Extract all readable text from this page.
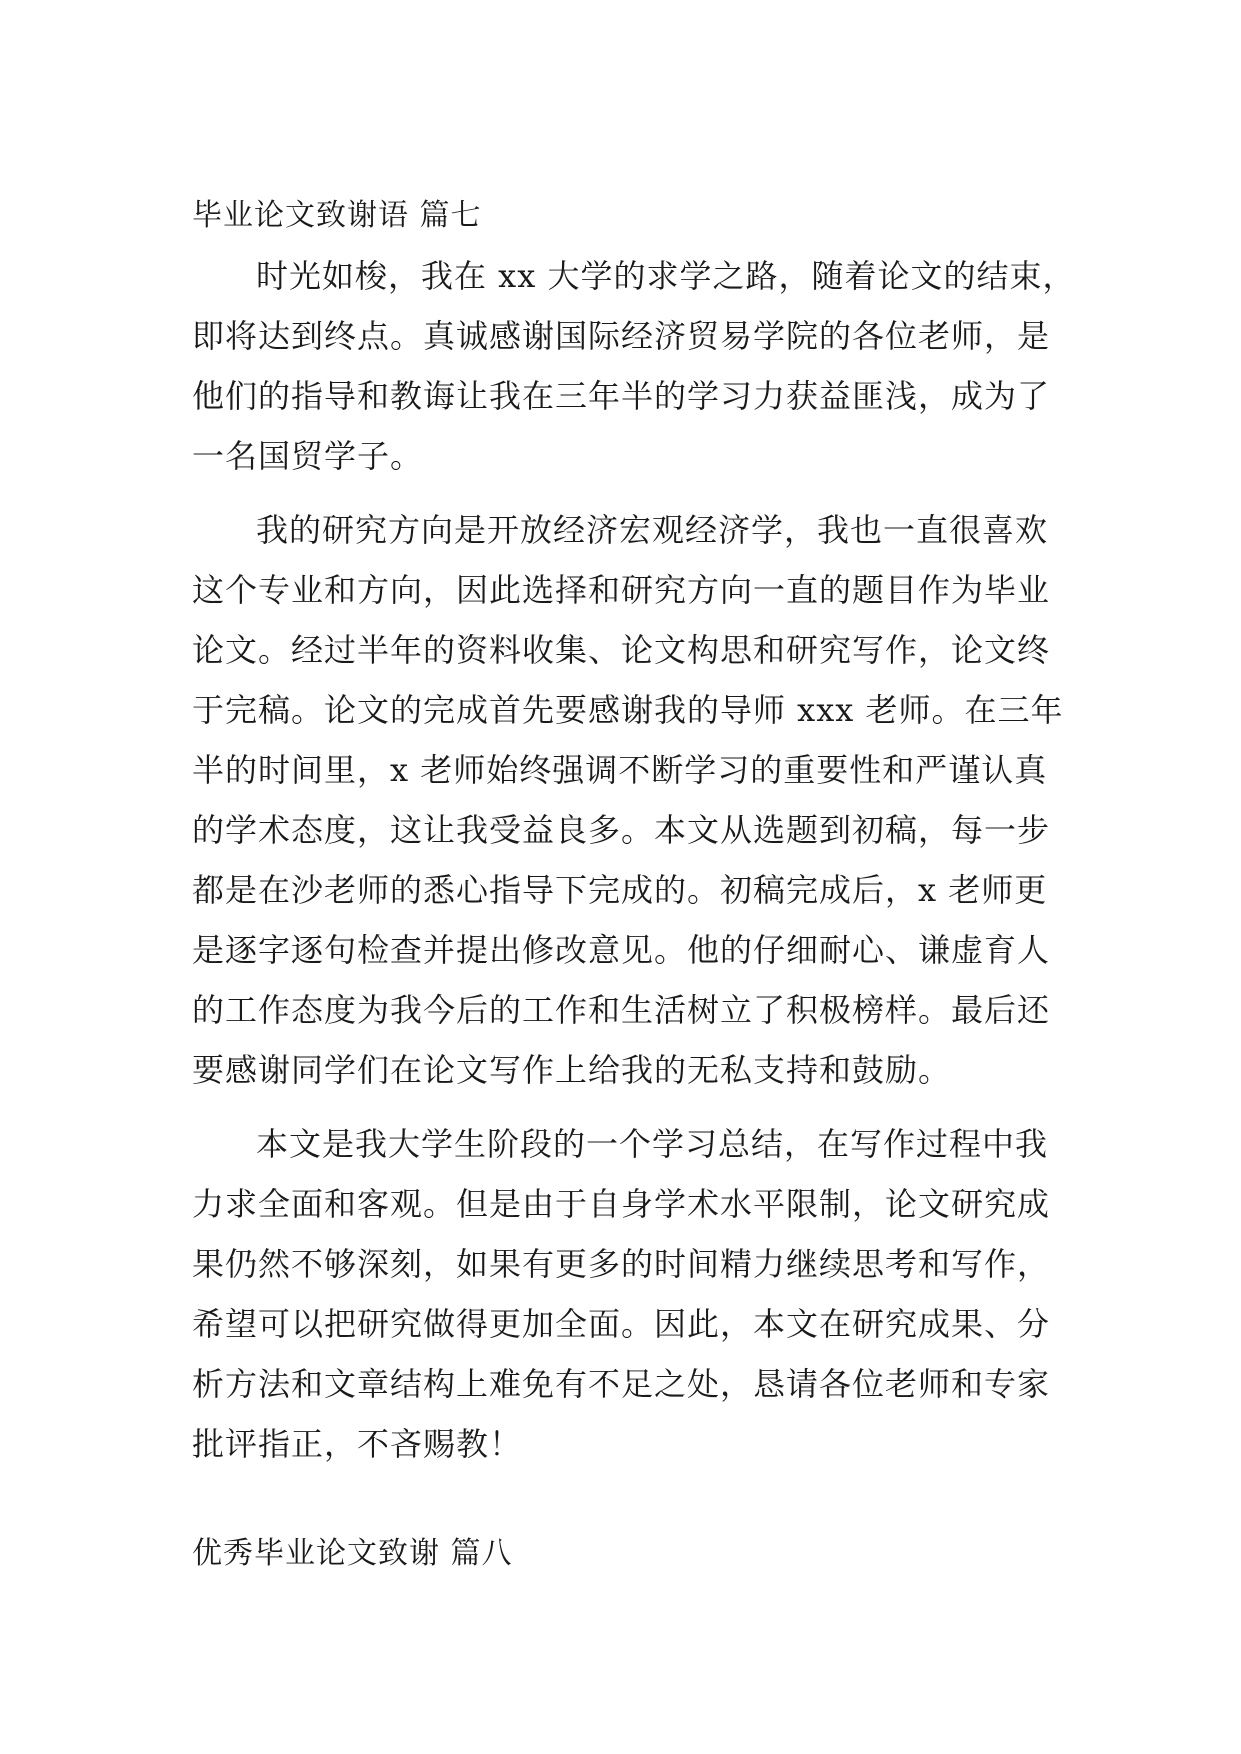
毕业论文致谢语 篇七
时光如梭，我在 xx 大学的求学之路，随着论文的结束，
即将达到终点。真诚感谢国际经济贸易学院的各位老师，是
他们的指导和教诲让我在三年半的学习力获益匪浅，成为了
一名国贸学子。
我的研究方向是开放经济宏观经济学，我也一直很喜欢
这个专业和方向，因此选择和研究方向一直的题目作为毕业
论文。经过半年的资料收集、论文构思和研究写作，论文终
于完稿。论文的完成首先要感谢我的导师 xxx 老师。在三年
半的时间里，x 老师始终强调不断学习的重要性和严谨认真
的学术态度，这让我受益良多。本文从选题到初稿，每一步
都是在沙老师的悉心指导下完成的。初稿完成后，x 老师更
是逐字逐句检查并提出修改意见。他的仔细耐心、谦虚育人
的工作态度为我今后的工作和生活树立了积极榜样。最后还
要感谢同学们在论文写作上给我的无私支持和鼓励。
本文是我大学生阶段的一个学习总结，在写作过程中我
力求全面和客观。但是由于自身学术水平限制，论文研究成
果仍然不够深刻，如果有更多的时间精力继续思考和写作，
希望可以把研究做得更加全面。因此，本文在研究成果、分
析方法和文章结构上难免有不足之处，恳请各位老师和专家
批评指正，不吝赐教！
优秀毕业论文致谢 篇八
